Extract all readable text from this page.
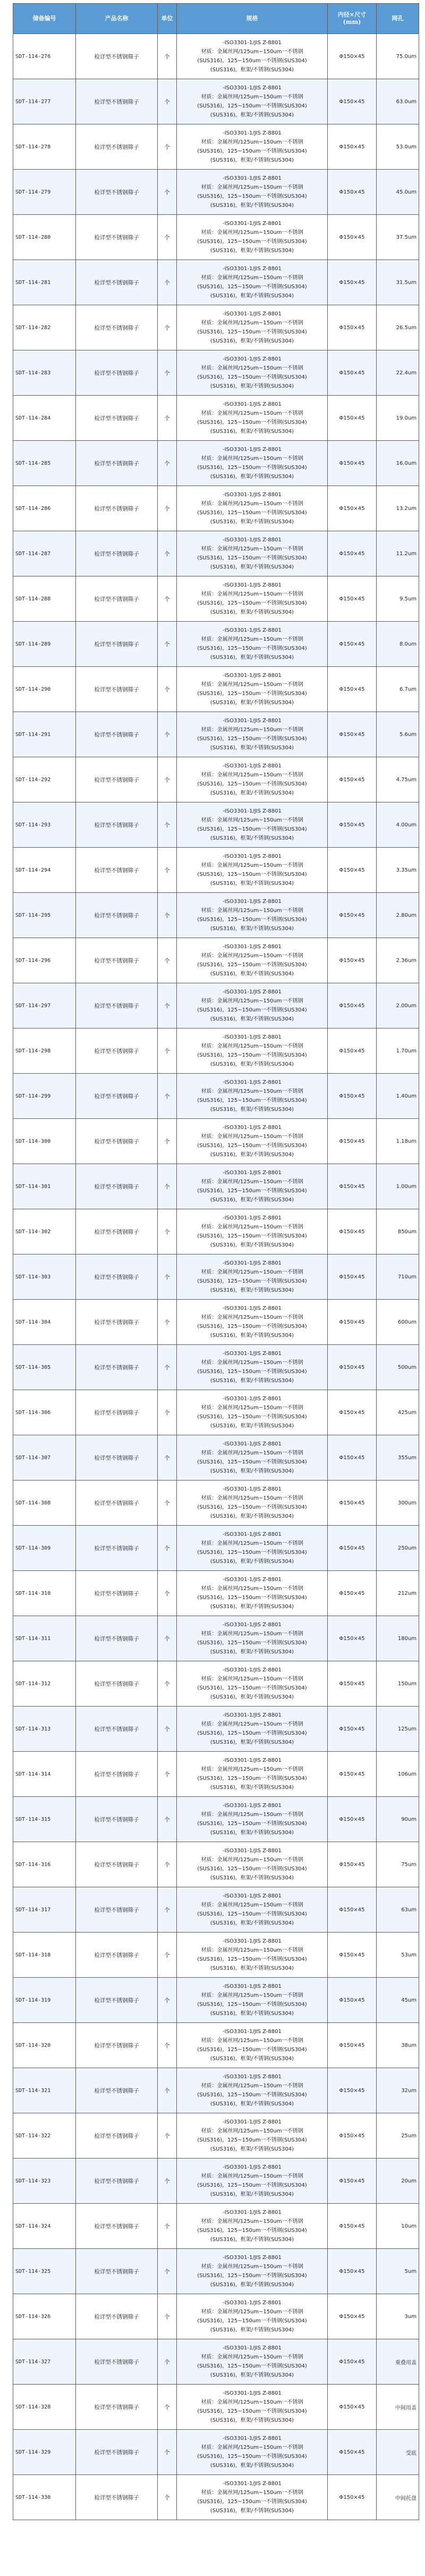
储备编号	产品名称	单位	规格	内径×尺寸(mm)	网孔
SDT-114-276	检详型不锈钢筛子	个	-ISO3301-1/JIS Z-8801
材质：金属丝网/125um~150um一不锈钢
(SUS316)，125~150um一不锈钢(SUS304)
(SUS316)，框架/不锈钢(SUS304)	Φ150×45	75.0um
SDT-114-277	检详型不锈钢筛子	个	-ISO3301-1/JIS Z-8801
材质：金属丝网/125um~150um一不锈钢
(SUS316)，125~150um一不锈钢(SUS304)
(SUS316)，框架/不锈钢(SUS304)	Φ150×45	63.0um
SDT-114-278	检详型不锈钢筛子	个	-ISO3301-1/JIS Z-8801
材质：金属丝网/125um~150um一不锈钢
(SUS316)，125~150um一不锈钢(SUS304)
(SUS316)，框架/不锈钢(SUS304)	Φ150×45	53.0um
SDT-114-279	检详型不锈钢筛子	个	-ISO3301-1/JIS Z-8801
材质：金属丝网/125um~150um一不锈钢
(SUS316)，125~150um一不锈钢(SUS304)
(SUS316)，框架/不锈钢(SUS304)	Φ150×45	45.0um
SDT-114-280	检详型不锈钢筛子	个	-ISO3301-1/JIS Z-8801
材质：金属丝网/125um~150um一不锈钢
(SUS316)，125~150um一不锈钢(SUS304)
(SUS316)，框架/不锈钢(SUS304)	Φ150×45	37.5um
SDT-114-281	检详型不锈钢筛子	个	-ISO3301-1/JIS Z-8801
材质：金属丝网/125um~150um一不锈钢
(SUS316)，125~150um一不锈钢(SUS304)
(SUS316)，框架/不锈钢(SUS304)	Φ150×45	31.5um
SDT-114-282	检详型不锈钢筛子	个	-ISO3301-1/JIS Z-8801
材质：金属丝网/125um~150um一不锈钢
(SUS316)，125~150um一不锈钢(SUS304)
(SUS316)，框架/不锈钢(SUS304)	Φ150×45	26.5um
SDT-114-283	检详型不锈钢筛子	个	-ISO3301-1/JIS Z-8801
材质：金属丝网/125um~150um一不锈钢
(SUS316)，125~150um一不锈钢(SUS304)
(SUS316)，框架/不锈钢(SUS304)	Φ150×45	22.4um
SDT-114-284	检详型不锈钢筛子	个	-ISO3301-1/JIS Z-8801
材质：金属丝网/125um~150um一不锈钢
(SUS316)，125~150um一不锈钢(SUS304)
(SUS316)，框架/不锈钢(SUS304)	Φ150×45	19.0um
SDT-114-285	检详型不锈钢筛子	个	-ISO3301-1/JIS Z-8801
材质：金属丝网/125um~150um一不锈钢
(SUS316)，125~150um一不锈钢(SUS304)
(SUS316)，框架/不锈钢(SUS304)	Φ150×45	16.0um
SDT-114-286	检详型不锈钢筛子	个	-ISO3301-1/JIS Z-8801
材质：金属丝网/125um~150um一不锈钢
(SUS316)，125~150um一不锈钢(SUS304)
(SUS316)，框架/不锈钢(SUS304)	Φ150×45	13.2um
SDT-114-287	检详型不锈钢筛子	个	-ISO3301-1/JIS Z-8801
材质：金属丝网/125um~150um一不锈钢
(SUS316)，125~150um一不锈钢(SUS304)
(SUS316)，框架/不锈钢(SUS304)	Φ150×45	11.2um
SDT-114-288	检详型不锈钢筛子	个	-ISO3301-1/JIS Z-8801
材质：金属丝网/125um~150um一不锈钢
(SUS316)，125~150um一不锈钢(SUS304)
(SUS316)，框架/不锈钢(SUS304)	Φ150×45	9.5um
SDT-114-289	检详型不锈钢筛子	个	-ISO3301-1/JIS Z-8801
材质：金属丝网/125um~150um一不锈钢
(SUS316)，125~150um一不锈钢(SUS304)
(SUS316)，框架/不锈钢(SUS304)	Φ150×45	8.0um
SDT-114-290	检详型不锈钢筛子	个	-ISO3301-1/JIS Z-8801
材质：金属丝网/125um~150um一不锈钢
(SUS316)，125~150um一不锈钢(SUS304)
(SUS316)，框架/不锈钢(SUS304)	Φ150×45	6.7um
SDT-114-291	检详型不锈钢筛子	个	-ISO3301-1/JIS Z-8801
材质：金属丝网/125um~150um一不锈钢
(SUS316)，125~150um一不锈钢(SUS304)
(SUS316)，框架/不锈钢(SUS304)	Φ150×45	5.6um
SDT-114-292	检详型不锈钢筛子	个	-ISO3301-1/JIS Z-8801
材质：金属丝网/125um~150um一不锈钢
(SUS316)，125~150um一不锈钢(SUS304)
(SUS316)，框架/不锈钢(SUS304)	Φ150×45	4.75um
SDT-114-293	检详型不锈钢筛子	个	-ISO3301-1/JIS Z-8801
材质：金属丝网/125um~150um一不锈钢
(SUS316)，125~150um一不锈钢(SUS304)
(SUS316)，框架/不锈钢(SUS304)	Φ150×45	4.00um
SDT-114-294	检详型不锈钢筛子	个	-ISO3301-1/JIS Z-8801
材质：金属丝网/125um~150um一不锈钢
(SUS316)，125~150um一不锈钢(SUS304)
(SUS316)，框架/不锈钢(SUS304)	Φ150×45	3.35um
SDT-114-295	检详型不锈钢筛子	个	-ISO3301-1/JIS Z-8801
材质：金属丝网/125um~150um一不锈钢
(SUS316)，125~150um一不锈钢(SUS304)
(SUS316)，框架/不锈钢(SUS304)	Φ150×45	2.80um
SDT-114-296	检详型不锈钢筛子	个	-ISO3301-1/JIS Z-8801
材质：金属丝网/125um~150um一不锈钢
(SUS316)，125~150um一不锈钢(SUS304)
(SUS316)，框架/不锈钢(SUS304)	Φ150×45	2.36um
SDT-114-297	检详型不锈钢筛子	个	-ISO3301-1/JIS Z-8801
材质：金属丝网/125um~150um一不锈钢
(SUS316)，125~150um一不锈钢(SUS304)
(SUS316)，框架/不锈钢(SUS304)	Φ150×45	2.00um
SDT-114-298	检详型不锈钢筛子	个	-ISO3301-1/JIS Z-8801
材质：金属丝网/125um~150um一不锈钢
(SUS316)，125~150um一不锈钢(SUS304)
(SUS316)，框架/不锈钢(SUS304)	Φ150×45	1.70um
SDT-114-299	检详型不锈钢筛子	个	-ISO3301-1/JIS Z-8801
材质：金属丝网/125um~150um一不锈钢
(SUS316)，125~150um一不锈钢(SUS304)
(SUS316)，框架/不锈钢(SUS304)	Φ150×45	1.40um
SDT-114-300	检详型不锈钢筛子	个	-ISO3301-1/JIS Z-8801
材质：金属丝网/125um~150um一不锈钢
(SUS316)，125~150um一不锈钢(SUS304)
(SUS316)，框架/不锈钢(SUS304)	Φ150×45	1.18um
SDT-114-301	检详型不锈钢筛子	个	-ISO3301-1/JIS Z-8801
材质：金属丝网/125um~150um一不锈钢
(SUS316)，125~150um一不锈钢(SUS304)
(SUS316)，框架/不锈钢(SUS304)	Φ150×45	1.00um
SDT-114-302	检详型不锈钢筛子	个	-ISO3301-1/JIS Z-8801
材质：金属丝网/125um~150um一不锈钢
(SUS316)，125~150um一不锈钢(SUS304)
(SUS316)，框架/不锈钢(SUS304)	Φ150×45	850um
SDT-114-303	检详型不锈钢筛子	个	-ISO3301-1/JIS Z-8801
材质：金属丝网/125um~150um一不锈钢
(SUS316)，125~150um一不锈钢(SUS304)
(SUS316)，框架/不锈钢(SUS304)	Φ150×45	710um
SDT-114-304	检详型不锈钢筛子	个	-ISO3301-1/JIS Z-8801
材质：金属丝网/125um~150um一不锈钢
(SUS316)，125~150um一不锈钢(SUS304)
(SUS316)，框架/不锈钢(SUS304)	Φ150×45	600um
SDT-114-305	检详型不锈钢筛子	个	-ISO3301-1/JIS Z-8801
材质：金属丝网/125um~150um一不锈钢
(SUS316)，125~150um一不锈钢(SUS304)
(SUS316)，框架/不锈钢(SUS304)	Φ150×45	500um
SDT-114-306	检详型不锈钢筛子	个	-ISO3301-1/JIS Z-8801
材质：金属丝网/125um~150um一不锈钢
(SUS316)，125~150um一不锈钢(SUS304)
(SUS316)，框架/不锈钢(SUS304)	Φ150×45	425um
SDT-114-307	检详型不锈钢筛子	个	-ISO3301-1/JIS Z-8801
材质：金属丝网/125um~150um一不锈钢
(SUS316)，125~150um一不锈钢(SUS304)
(SUS316)，框架/不锈钢(SUS304)	Φ150×45	355um
SDT-114-308	检详型不锈钢筛子	个	-ISO3301-1/JIS Z-8801
材质：金属丝网/125um~150um一不锈钢
(SUS316)，125~150um一不锈钢(SUS304)
(SUS316)，框架/不锈钢(SUS304)	Φ150×45	300um
SDT-114-309	检详型不锈钢筛子	个	-ISO3301-1/JIS Z-8801
材质：金属丝网/125um~150um一不锈钢
(SUS316)，125~150um一不锈钢(SUS304)
(SUS316)，框架/不锈钢(SUS304)	Φ150×45	250um
SDT-114-310	检详型不锈钢筛子	个	-ISO3301-1/JIS Z-8801
材质：金属丝网/125um~150um一不锈钢
(SUS316)，125~150um一不锈钢(SUS304)
(SUS316)，框架/不锈钢(SUS304)	Φ150×45	212um
SDT-114-311	检详型不锈钢筛子	个	-ISO3301-1/JIS Z-8801
材质：金属丝网/125um~150um一不锈钢
(SUS316)，125~150um一不锈钢(SUS304)
(SUS316)，框架/不锈钢(SUS304)	Φ150×45	180um
SDT-114-312	检详型不锈钢筛子	个	-ISO3301-1/JIS Z-8801
材质：金属丝网/125um~150um一不锈钢
(SUS316)，125~150um一不锈钢(SUS304)
(SUS316)，框架/不锈钢(SUS304)	Φ150×45	150um
SDT-114-313	检详型不锈钢筛子	个	-ISO3301-1/JIS Z-8801
材质：金属丝网/125um~150um一不锈钢
(SUS316)，125~150um一不锈钢(SUS304)
(SUS316)，框架/不锈钢(SUS304)	Φ150×45	125um
SDT-114-314	检详型不锈钢筛子	个	-ISO3301-1/JIS Z-8801
材质：金属丝网/125um~150um一不锈钢
(SUS316)，125~150um一不锈钢(SUS304)
(SUS316)，框架/不锈钢(SUS304)	Φ150×45	106um
SDT-114-315	检详型不锈钢筛子	个	-ISO3301-1/JIS Z-8801
材质：金属丝网/125um~150um一不锈钢
(SUS316)，125~150um一不锈钢(SUS304)
(SUS316)，框架/不锈钢(SUS304)	Φ150×45	90um
SDT-114-316	检详型不锈钢筛子	个	-ISO3301-1/JIS Z-8801
材质：金属丝网/125um~150um一不锈钢
(SUS316)，125~150um一不锈钢(SUS304)
(SUS316)，框架/不锈钢(SUS304)	Φ150×45	75um
SDT-114-317	检详型不锈钢筛子	个	-ISO3301-1/JIS Z-8801
材质：金属丝网/125um~150um一不锈钢
(SUS316)，125~150um一不锈钢(SUS304)
(SUS316)，框架/不锈钢(SUS304)	Φ150×45	63um
SDT-114-318	检详型不锈钢筛子	个	-ISO3301-1/JIS Z-8801
材质：金属丝网/125um~150um一不锈钢
(SUS316)，125~150um一不锈钢(SUS304)
(SUS316)，框架/不锈钢(SUS304)	Φ150×45	53um
SDT-114-319	检详型不锈钢筛子	个	-ISO3301-1/JIS Z-8801
材质：金属丝网/125um~150um一不锈钢
(SUS316)，125~150um一不锈钢(SUS304)
(SUS316)，框架/不锈钢(SUS304)	Φ150×45	45um
SDT-114-320	检详型不锈钢筛子	个	-ISO3301-1/JIS Z-8801
材质：金属丝网/125um~150um一不锈钢
(SUS316)，125~150um一不锈钢(SUS304)
(SUS316)，框架/不锈钢(SUS304)	Φ150×45	38um
SDT-114-321	检详型不锈钢筛子	个	-ISO3301-1/JIS Z-8801
材质：金属丝网/125um~150um一不锈钢
(SUS316)，125~150um一不锈钢(SUS304)
(SUS316)，框架/不锈钢(SUS304)	Φ150×45	32um
SDT-114-322	检详型不锈钢筛子	个	-ISO3301-1/JIS Z-8801
材质：金属丝网/125um~150um一不锈钢
(SUS316)，125~150um一不锈钢(SUS304)
(SUS316)，框架/不锈钢(SUS304)	Φ150×45	25um
SDT-114-323	检详型不锈钢筛子	个	-ISO3301-1/JIS Z-8801
材质：金属丝网/125um~150um一不锈钢
(SUS316)，125~150um一不锈钢(SUS304)
(SUS316)，框架/不锈钢(SUS304)	Φ150×45	20um
SDT-114-324	检详型不锈钢筛子	个	-ISO3301-1/JIS Z-8801
材质：金属丝网/125um~150um一不锈钢
(SUS316)，125~150um一不锈钢(SUS304)
(SUS316)，框架/不锈钢(SUS304)	Φ150×45	10um
SDT-114-325	检详型不锈钢筛子	个	-ISO3301-1/JIS Z-8801
材质：金属丝网/125um~150um一不锈钢
(SUS316)，125~150um一不锈钢(SUS304)
(SUS316)，框架/不锈钢(SUS304)	Φ150×45	5um
SDT-114-326	检详型不锈钢筛子	个	-ISO3301-1/JIS Z-8801
材质：金属丝网/125um~150um一不锈钢
(SUS316)，125~150um一不锈钢(SUS304)
(SUS316)，框架/不锈钢(SUS304)	Φ150×45	3um
SDT-114-327	检详型不锈钢筛子	个	-ISO3301-1/JIS Z-8801
材质：金属丝网/125um~150um一不锈钢
(SUS316)，125~150um一不锈钢(SUS304)
(SUS316)，框架/不锈钢(SUS304)	Φ150×45	重叠用盖
SDT-114-328	检详型不锈钢筛子	个	-ISO3301-1/JIS Z-8801
材质：金属丝网/125um~150um一不锈钢
(SUS316)，125~150um一不锈钢(SUS304)
(SUS316)，框架/不锈钢(SUS304)	Φ150×45	中间用盖
SDT-114-329	检详型不锈钢筛子	个	-ISO3301-1/JIS Z-8801
材质：金属丝网/125um~150um一不锈钢
(SUS316)，125~150um一不锈钢(SUS304)
(SUS316)，框架/不锈钢(SUS304)	Φ150×45	受底
SDT-114-330	检详型不锈钢筛子	个	-ISO3301-1/JIS Z-8801
材质：金属丝网/125um~150um一不锈钢
(SUS316)，125~150um一不锈钢(SUS304)
(SUS316)，框架/不锈钢(SUS304)	Φ150×45	中间托盘
